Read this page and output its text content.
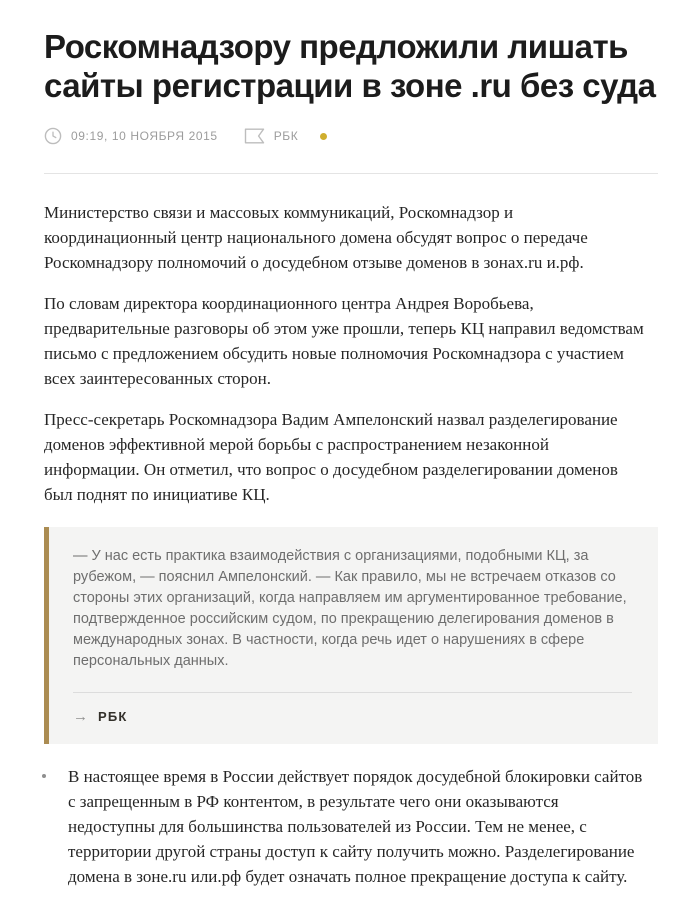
Роскомнадзору предложили лишать сайты регистрации в зоне .ru без суда
09:19, 10 НОЯБРЯ 2015	РБК

Министерство связи и массовых коммуникаций, Роскомнадзор и координационный центр национального домена обсудят вопрос о передаче Роскомнадзору полномочий о досудебном отзыве доменов в зонах.ru и.рф.

По словам директора координационного центра Андрея Воробьева, предварительные разговоры об этом уже прошли, теперь КЦ направил ведомствам письмо с предложением обсудить новые полномочия Роскомнадзора с участием всех заинтересованных сторон.

Пресс-секретарь Роскомнадзора Вадим Ампелонский назвал разделегирование доменов эффективной мерой борьбы с распространением незаконной информации. Он отметил, что вопрос о досудебном разделегировании доменов был поднят по инициативе КЦ.

— У нас есть практика взаимодействия с организациями, подобными КЦ, за рубежом, — пояснил Ампелонский. — Как правило, мы не встречаем отказов со стороны этих организаций, когда направляем им аргументированное требование, подтвержденное российским судом, по прекращению делегирования доменов в международных зонах. В частности, когда речь идет о нарушениях в сфере персональных данных.

→ РБК
В настоящее время в России действует порядок досудебной блокировки сайтов с запрещенным в РФ контентом, в результате чего они оказываются недоступны для большинства пользователей из России. Тем не менее, с территории другой страны доступ к сайту получить можно. Разделегирование домена в зоне.ru или.рф будет означать полное прекращение доступа к сайту.
